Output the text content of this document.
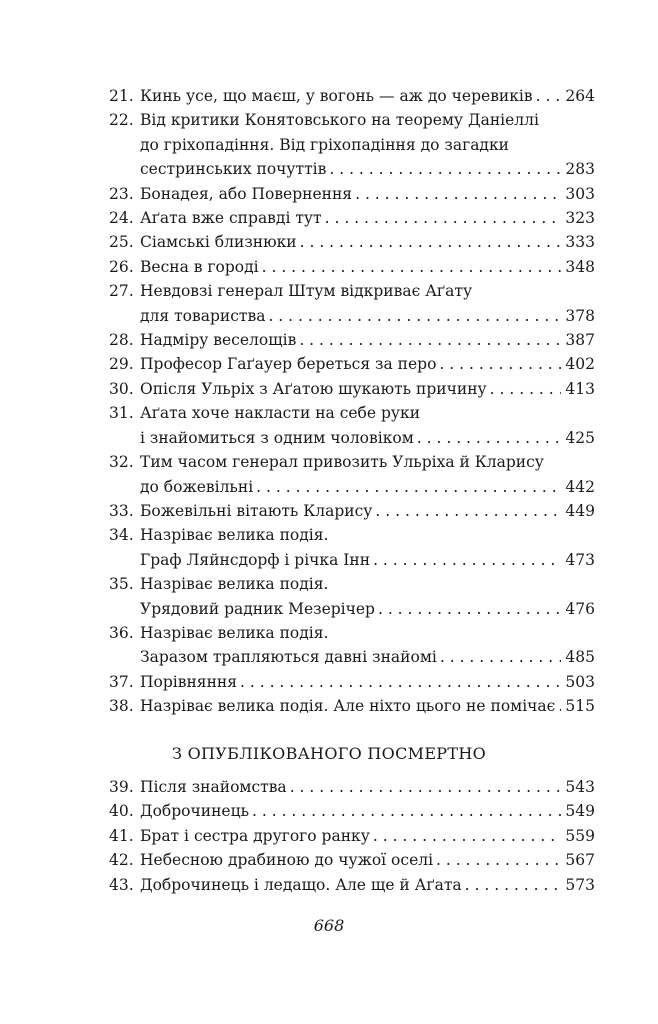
21. Кинь усе, що маєш, у вогонь — аж до черевиків . . . 264
22. Від критики Конятовського на теорему Даніеллі
до гріхопадіння. Від гріхопадіння до загадки
сестринських почуттів . . .	283
23. Бонадея, або Повернення . . .	303
24. Аґата вже справді тут . . .	323
25. Сіамські близнюки . . .	333
26. Весна в городі . . .	348
27. Невдовзі генерал Штум відкриває Аґату
для товариства . . .	378
28. Надміру веселощів . . .	387
29. Професор Гаґауер береться за перо . . .	402
30. Опісля Ульріх з Аґатою шукають причину . . .	413
31. Аґата хоче накласти на себе руки
і знайомиться з одним чоловіком . . .	425
32. Тим часом генерал привозить Ульріха й Кларису
до божевільні . . .	442
33. Божевільні вітають Кларису . . .	449
34. Назріває велика подія.
Граф Ляйнсдорф і річка Інн . . .	473
35. Назріває велика подія.
Урядовий радник Мезерічер . . .	476
36. Назріває велика подія.
Заразом трапляються давні знайомі . . .	485
37. Порівняння . . .	503
38. Назріває велика подія. Але ніхто цього не помічає . . . 515
З ОПУБЛІКОВАНОГО ПОСМЕРТНО
39. Після знайомства . . .	543
40. Доброчинець . . .	549
41. Брат і сестра другого ранку . . .	559
42. Небесною драбиною до чужої оселі . . .	567
43. Доброчинець і ледащо. Але ще й Аґата . . .	573
668
